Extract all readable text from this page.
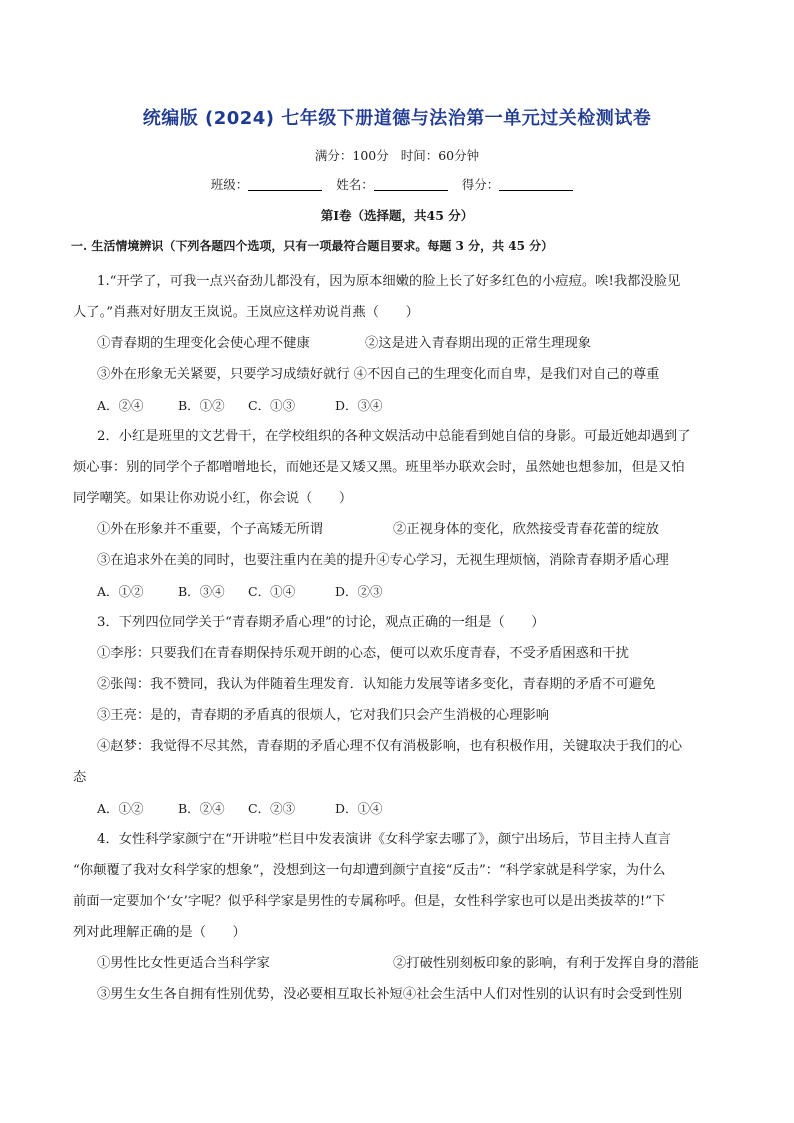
统编版 (2024) 七年级下册道德与法治第一单元过关检测试卷
满分：100分 时间：60分钟
班级：	姓名：	得分：
第I卷（选择题，共45 分）
一. 生活情境辨识（下列各题四个选项，只有一项最符合题目要求。每题 3 分，共 45 分）

1.“开学了，可我一点兴奋劲儿都没有，因为原本细嫩的脸上长了好多红色的小痘痘。唉!我都没脸见

人了。”肖燕对好朋友王岚说。王岚应这样劝说肖燕（　　）

①青春期的生理变化会使心理不健康	②这是进入青春期出现的正常生理现象
③外在形象无关紧要，只要学习成绩好就行 ④不因自己的生理变化而自卑，是我们对自己的尊重
A．②④	B．①② C．①③	D．③④

2．小红是班里的文艺骨干，在学校组织的各种文娱活动中总能看到她自信的身影。可最近她却遇到了

烦心事：别的同学个子都噌噌地长，而她还是又矮又黑。班里举办联欢会时，虽然她也想参加，但是又怕

同学嘲笑。如果让你劝说小红，你会说（　　）

①外在形象并不重要，个子高矮无所谓	②正视身体的变化，欣然接受青春花蕾的绽放
③在追求外在美的同时，也要注重内在美的提升 ④专心学习，无视生理烦恼，消除青春期矛盾心理
A．①②	B．③④ C．①④	D．②③

3．下列四位同学关于“青春期矛盾心理”的讨论，观点正确的一组是（　　）

①李彤：只要我们在青春期保持乐观开朗的心态，便可以欢乐度青春，不受矛盾困惑和干扰

②张闯：我不赞同，我认为伴随着生理发育．认知能力发展等诸多变化，青春期的矛盾不可避免

③王亮：是的，青春期的矛盾真的很烦人，它对我们只会产生消极的心理影响

④赵梦：我觉得不尽其然，青春期的矛盾心理不仅有消极影响，也有积极作用，关键取决于我们的心

态

A．①②	B．②④ C．②③	D．①④

4．女性科学家颜宁在“开讲啦”栏目中发表演讲《女科学家去哪了》，颜宁出场后，节目主持人直言

“你颠覆了我对女科学家的想象”，没想到这一句却遭到颜宁直接“反击”：“科学家就是科学家，为什么

前面一定要加个‘女’字呢？似乎科学家是男性的专属称呼。但是，女性科学家也可以是出类拔萃的!”下

列对此理解正确的是（　　）

①男性比女性更适合当科学家	②打破性别刻板印象的影响，有利于发挥自身的潜能
③男生女生各自拥有性别优势，没必要相互取长补短 ④社会生活中人们对性别的认识有时会受到性别
